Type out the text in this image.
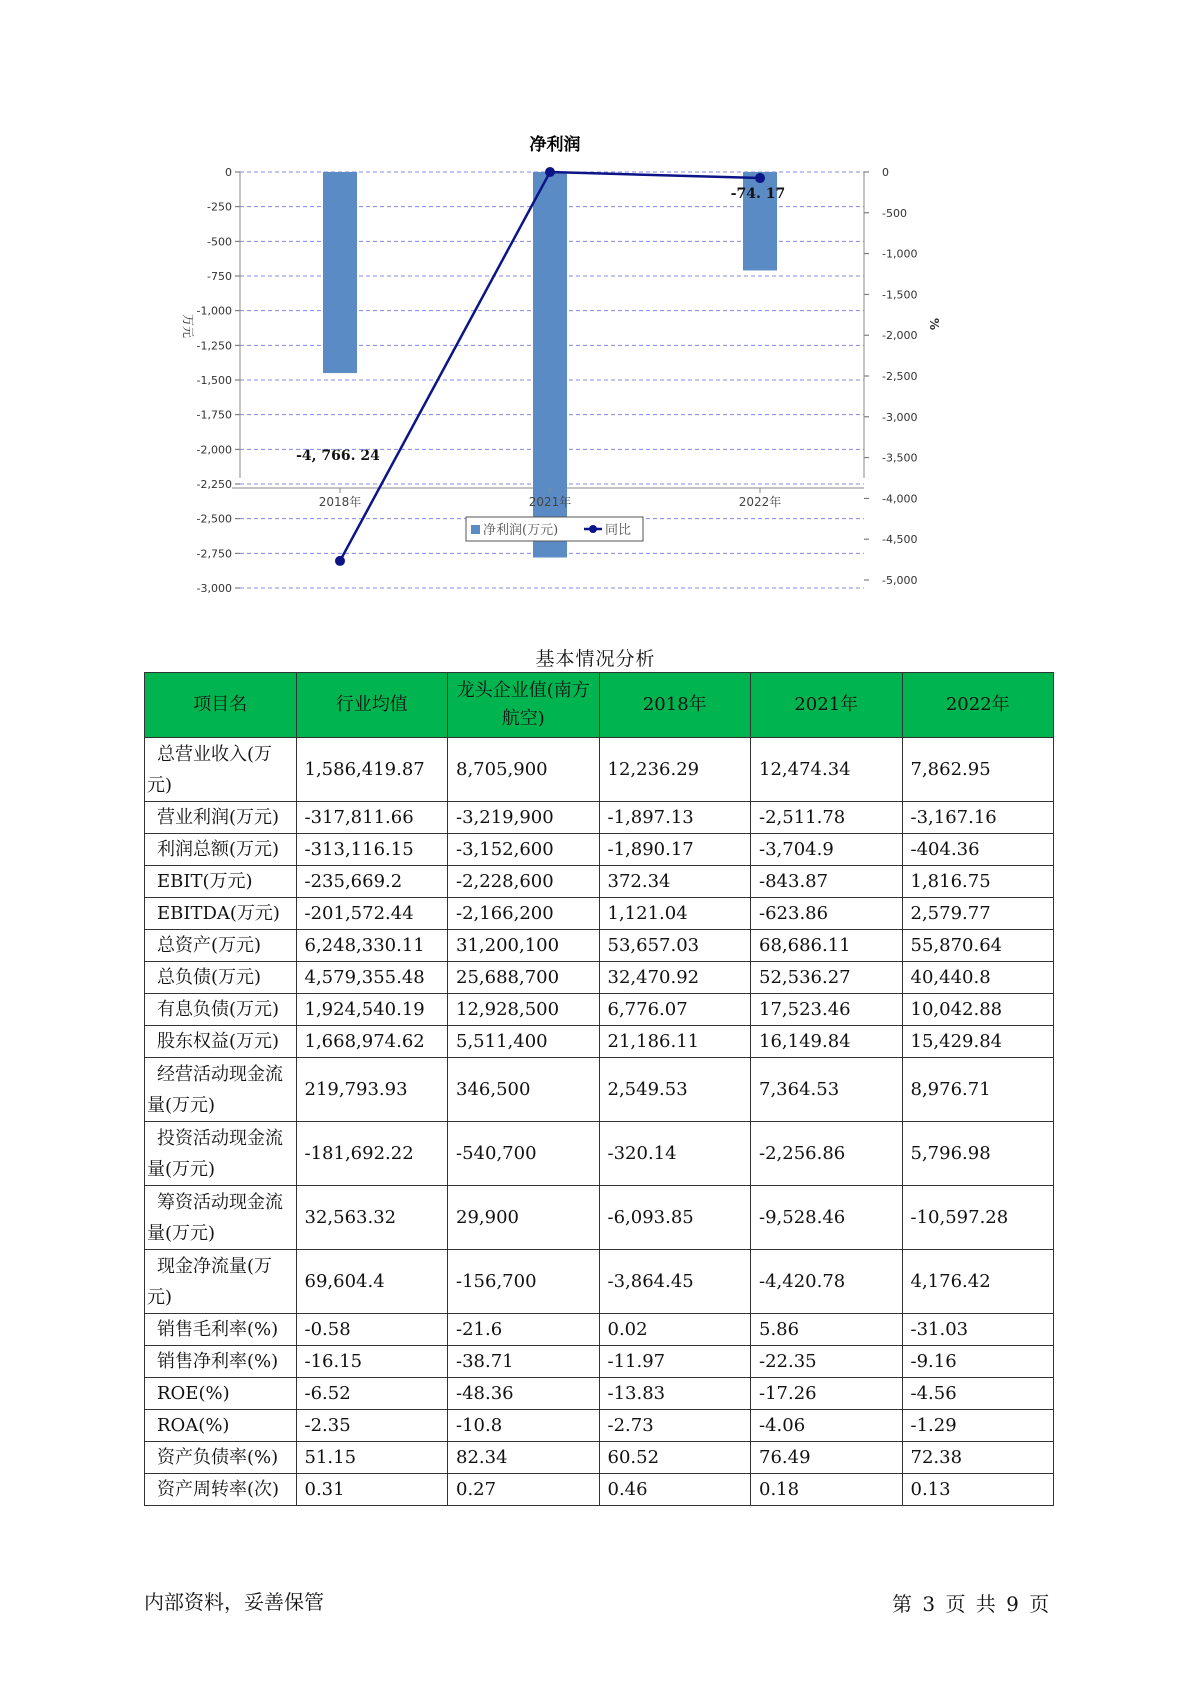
净利润
0
-250
-500
-750
-1,000
-1,250
-1,500
-1,750
-2,000
-2,250
-2,500
-2,750
-3,000
0
-500
-1,000
-1,500
-2,000
-2,500
-3,000
-3,500
-4,000
-4,500
-5,000
万元	%
2018年	2021年	2022年
-4, 766. 24
-74. 17
净利润(万元)	同比
基本情况分析
项目名	行业均值	龙头企业值(南方航空)	2018年	2021年	2022年
总营业收入(万元)	1,586,419.87	8,705,900	12,236.29	12,474.34	7,862.95
营业利润(万元)	-317,811.66	-3,219,900	-1,897.13	-2,511.78	-3,167.16
利润总额(万元)	-313,116.15	-3,152,600	-1,890.17	-3,704.9	-404.36
EBIT(万元)	-235,669.2	-2,228,600	372.34	-843.87	1,816.75
EBITDA(万元)	-201,572.44	-2,166,200	1,121.04	-623.86	2,579.77
总资产(万元)	6,248,330.11	31,200,100	53,657.03	68,686.11	55,870.64
总负债(万元)	4,579,355.48	25,688,700	32,470.92	52,536.27	40,440.8
有息负债(万元)	1,924,540.19	12,928,500	6,776.07	17,523.46	10,042.88
股东权益(万元)	1,668,974.62	5,511,400	21,186.11	16,149.84	15,429.84
经营活动现金流量(万元)	219,793.93	346,500	2,549.53	7,364.53	8,976.71
投资活动现金流量(万元)	-181,692.22	-540,700	-320.14	-2,256.86	5,796.98
筹资活动现金流量(万元)	32,563.32	29,900	-6,093.85	-9,528.46	-10,597.28
现金净流量(万元)	69,604.4	-156,700	-3,864.45	-4,420.78	4,176.42
销售毛利率(%)	-0.58	-21.6	0.02	5.86	-31.03
销售净利率(%)	-16.15	-38.71	-11.97	-22.35	-9.16
ROE(%)	-6.52	-48.36	-13.83	-17.26	-4.56
ROA(%)	-2.35	-10.8	-2.73	-4.06	-1.29
资产负债率(%)	51.15	82.34	60.52	76.49	72.38
资产周转率(次)	0.31	0.27	0.46	0.18	0.13
内部资料，妥善保管	第 3 页 共 9 页
